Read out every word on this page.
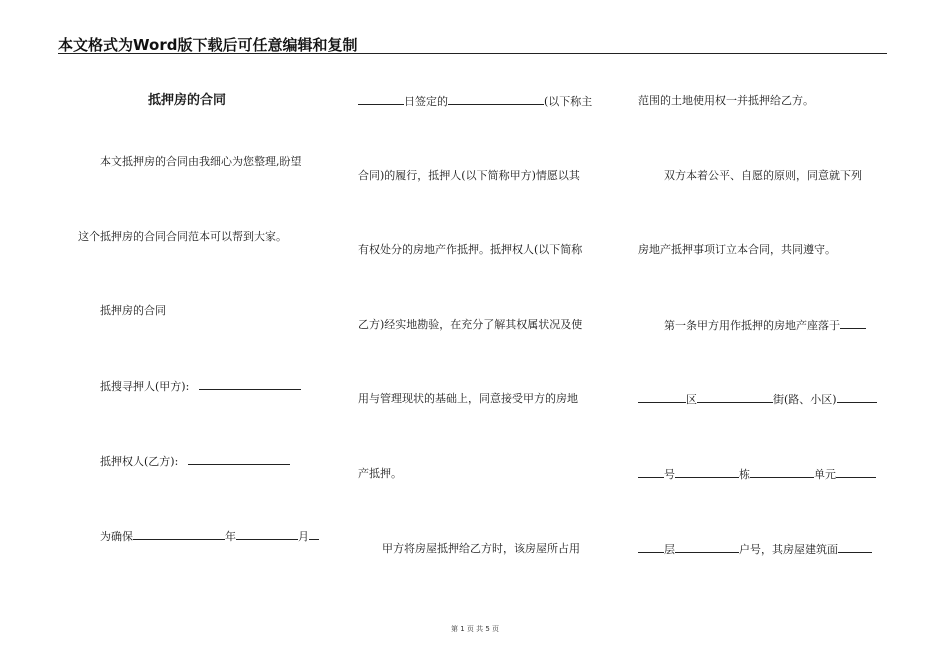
本文格式为Word版下载后可任意编辑和复制
抵押房的合同
本文抵押房的合同由我细心为您整理,盼望
这个抵押房的合同合同范本可以帮到大家。
抵押房的合同
抵搜寻押人(甲方):
抵押权人(乙方):
为确保	年	月
日签定的	(以下称主
合同)的履行，抵押人(以下简称甲方)情愿以其
有权处分的房地产作抵押。抵押权人(以下简称
乙方)经实地勘验，在充分了解其权属状况及使
用与管理现状的基础上，同意接受甲方的房地
产抵押。
甲方将房屋抵押给乙方时，该房屋所占用
范围的土地使用权一并抵押给乙方。
双方本着公平、自愿的原则，同意就下列
房地产抵押事项订立本合同，共同遵守。
第一条甲方用作抵押的房地产座落于
区	街(路、小区)
号	栋	单元
层	户号，其房屋建筑面
第 1 页 共 5 页
